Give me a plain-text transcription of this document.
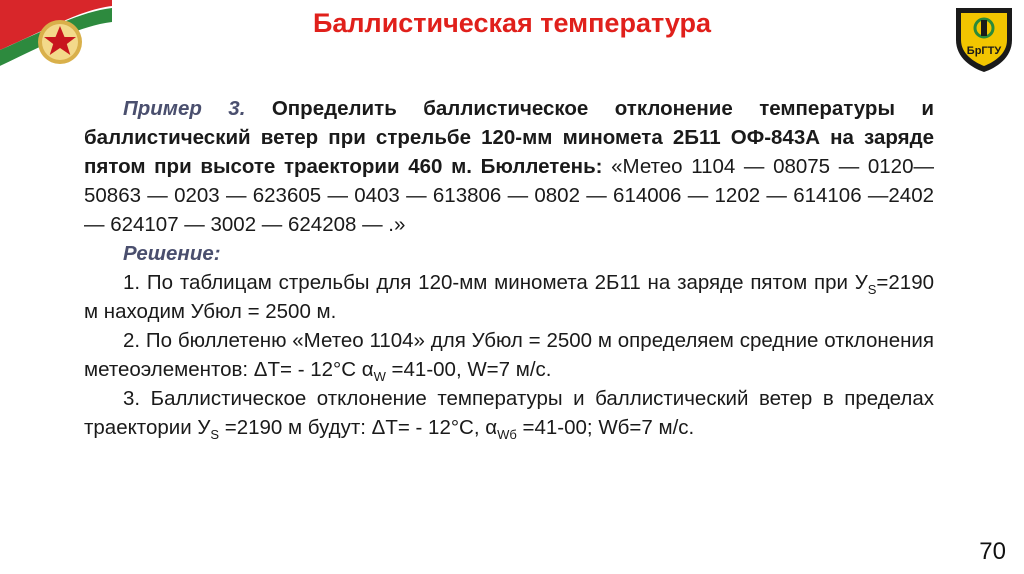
БрГТУ
Баллистическая температура

Пример 3. Определить баллистическое отклонение температуры и баллистический ветер при стрельбе 120-мм минометa 2Б11 ОФ-843А на заряде пятом при высоте траектории 460 м. Бюллетень: «Метео 1104 — 08075 — 0120—50863 — 0203 — 623605 — 0403 — 613806 — 0802 — 614006 — 1202 — 614106 —2402 — 624107 — 3002 — 624208 — .»

Решение:

1. По таблицам стрельбы для 120-мм миномета 2Б11 на заряде пятом при $У_S=2190$ м находим Убюл = 2500 м.

2. По бюллетеню «Метео 1104» для Убюл = 2500 м определяем средние отклонения метеоэлементов: ΔT= - 12°С $\alpha_W =41-00$, W=7 м/с.

3. Баллистическое отклонение температуры и баллистический ветер в пределах траектории $У_S =2190$ м будут: ΔT= - 12°С, $\alpha_{Wб} =41-00$; Wб=7 м/с.

70
